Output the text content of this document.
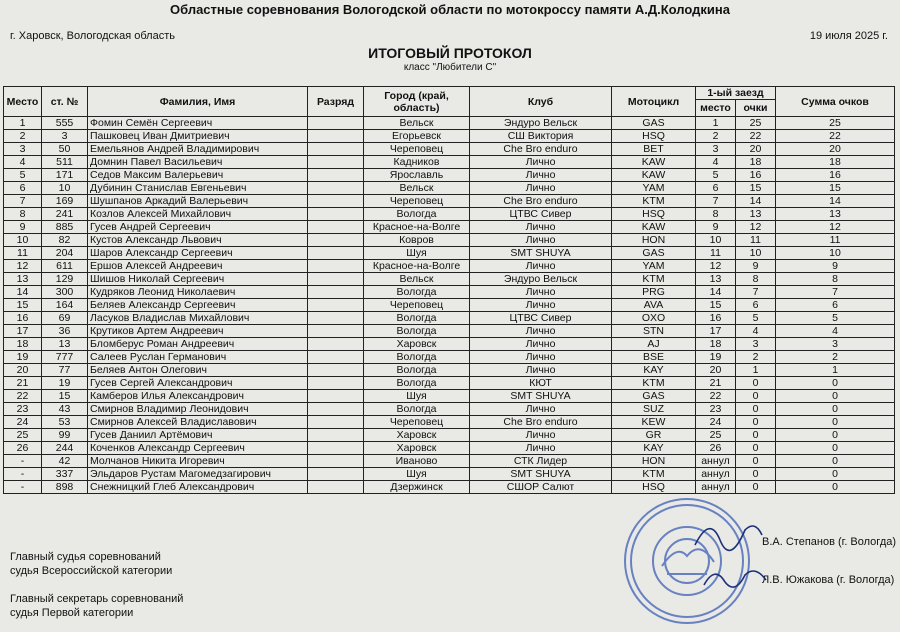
Областные соревнования Вологодской области по мотокроссу памяти А.Д.Колодкина
г. Харовск, Вологодская область	19 июля 2025 г.
ИТОГОВЫЙ ПРОТОКОЛ
класс "Любители С"
Место	ст. №	Фамилия, Имя	Разряд	Город (край, область)	Клуб	Мотоцикл	1-ый заезд		Сумма очков
							место	очки	
1	555	Фомин Семён Сергеевич		Вельск	Эндуро Вельск	GAS	1	25	25
2	3	Пашковец Иван Дмитриевич		Егорьевск	СШ Виктория	HSQ	2	22	22
3	50	Емельянов Андрей Владимирович		Череповец	Che Bro enduro	BET	3	20	20
4	511	Домнин Павел Васильевич		Кадников	Лично	KAW	4	18	18
5	171	Седов Максим Валерьевич		Ярославль	Лично	KAW	5	16	16
6	10	Дубинин Станислав Евгеньевич		Вельск	Лично	YAM	6	15	15
7	169	Шушпанов Аркадий Валерьевич		Череповец	Che Bro enduro	KTM	7	14	14
8	241	Козлов Алексей Михайлович		Вологда	ЦТВС Сивер	HSQ	8	13	13
9	885	Гусев Андрей Сергеевич		Красное-на-Волге	Лично	KAW	9	12	12
10	82	Кустов Александр Львович		Ковров	Лично	HON	10	11	11
11	204	Шаров Александр Сергеевич		Шуя	SMT SHUYA	GAS	11	10	10
12	611	Ершов Алексей Андреевич		Красное-на-Волге	Лично	YAM	12	9	9
13	129	Шишов Николай Сергеевич		Вельск	Эндуро Вельск	KTM	13	8	8
14	300	Кудряков Леонид Николаевич		Вологда	Лично	PRG	14	7	7
15	164	Беляев Александр Сергеевич		Череповец	Лично	AVA	15	6	6
16	69	Ласуков Владислав Михайлович		Вологда	ЦТВС Сивер	OXO	16	5	5
17	36	Крутиков Артем Андреевич		Вологда	Лично	STN	17	4	4
18	13	Бломберус Роман Андреевич		Харовск	Лично	AJ	18	3	3
19	777	Салеев Руслан Германович		Вологда	Лично	BSE	19	2	2
20	77	Беляев Антон Олегович		Вологда	Лично	KAY	20	1	1
21	19	Гусев Сергей Александрович		Вологда	КЮТ	KTM	21	0	0
22	15	Камберов Илья Александрович		Шуя	SMT SHUYA	GAS	22	0	0
23	43	Смирнов Владимир Леонидович		Вологда	Лично	SUZ	23	0	0
24	53	Смирнов Алексей Владиславович		Череповец	Che Bro enduro	KEW	24	0	0
25	99	Гусев Даниил Артёмович		Харовск	Лично	GR	25	0	0
26	244	Коченков Александр Сергеевич		Харовск	Лично	KAY	26	0	0
-	42	Молчанов Никита Игоревич		Иваново	СТК Лидер	HON	аннул	0	0
-	337	Эльдаров Рустам Магомедзагирович		Шуя	SMT SHUYA	KTM	аннул	0	0
-	898	Снежницкий Глеб Александрович		Дзержинск	СШОР Салют	HSQ	аннул	0	0
Главный судья соревнований
судья Всероссийской категории
В.А. Степанов (г. Вологда)
Главный секретарь соревнований
судья Первой категории
Л.В. Южакова (г. Вологда)
